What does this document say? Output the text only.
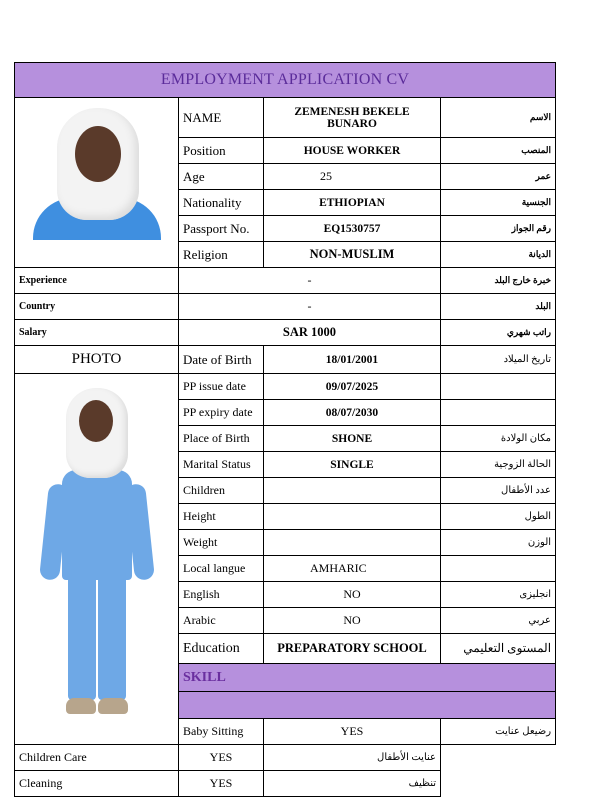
EMPLOYMENT APPLICATION CV			

	NAME	ZEMENESH BEKELE BUNARO	الاسم
	Position	HOUSE WORKER	المنصب
	Age	25	عمر
	Nationality	ETHIOPIAN	الجنسية
	Passport No.	EQ1530757	رقم الجواز
	Religion	NON-MUSLIM	الديانة
Experience	-		خبرة خارج البلد
Country	-		البلد
Salary	SAR 1000		راتب شهري
PHOTO	Date of Birth	18/01/2001	تاريخ الميلاد

	PP issue date	09/07/2025	
	PP expiry date	08/07/2030	
	Place of Birth	SHONE	مكان الولادة
	Marital Status	SINGLE	الحالة الزوجية
	Children		عدد الأطفال
	Height		الطول
	Weight		الوزن
	Local langue	AMHARIC	
	English	NO	انجليزى
	Arabic	NO	عربي
	Education	PREPARATORY SCHOOL	المستوى التعليمي
	SKILL		

	Baby Sitting	YES	رضيعل عنايت
Children Care	YES	عنايت الأطفال	
Cleaning	YES	تنظيف	
